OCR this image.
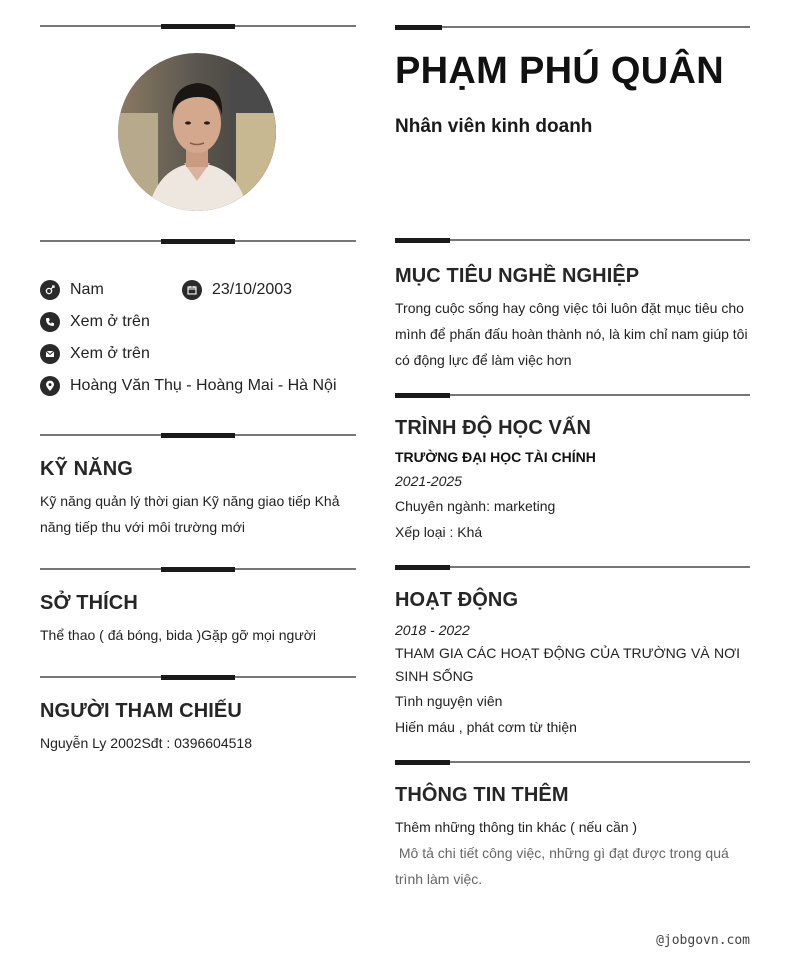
Nam	23/10/2003
Xem ở trên
Xem ở trên
Hoàng Văn Thụ - Hoàng Mai - Hà Nội
KỸ NĂNG
Kỹ năng quản lý thời gian Kỹ năng giao tiếp Khả
năng tiếp thu với môi trường mới
SỞ THÍCH
Thể thao ( đá bóng, bida )Gặp gỡ mọi người
NGƯỜI THAM CHIẾU
Nguyễn Ly 2002Sđt : 0396604518
PHẠM PHÚ QUÂN
Nhân viên kinh doanh
MỤC TIÊU NGHỀ NGHIỆP
Trong cuộc sống hay công việc tôi luôn đặt mục tiêu cho
mình để phấn đấu hoàn thành nó, là kim chỉ nam giúp tôi
có động lực để làm việc hơn
TRÌNH ĐỘ HỌC VẤN
TRƯỜNG ĐẠI HỌC TÀI CHÍNH
2021-2025
Chuyên ngành: marketing
Xếp loại : Khá
HOẠT ĐỘNG
2018 - 2022
THAM GIA CÁC HOẠT ĐỘNG CỦA TRƯỜNG VÀ NƠI
SINH SỐNG
Tình nguyện viên
Hiến máu , phát cơm từ thiện
THÔNG TIN THÊM
Thêm những thông tin khác ( nếu cần )
Mô tả chi tiết công việc, những gì đạt được trong quá
trình làm việc.
@jobgovn.com
